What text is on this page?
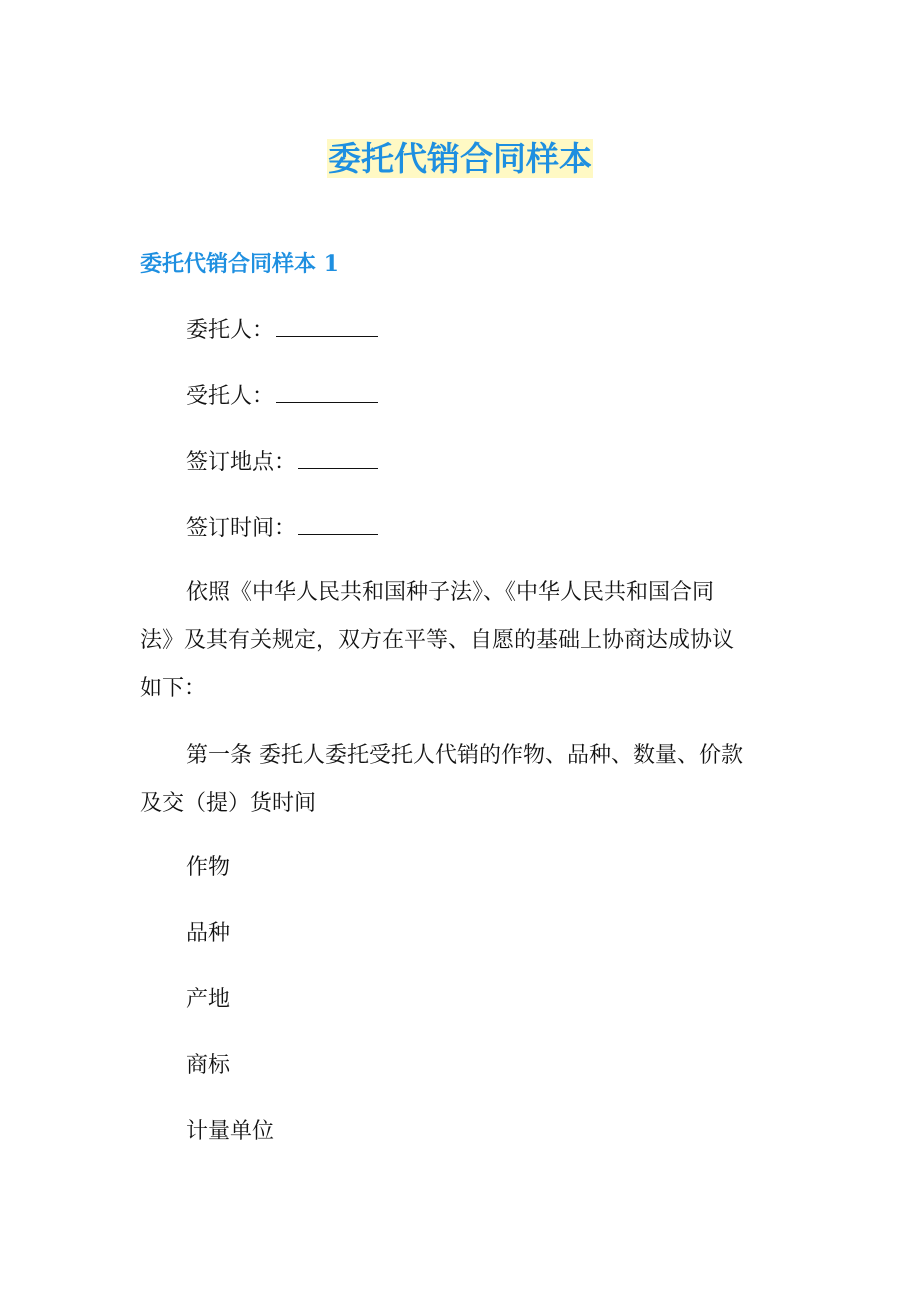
委托代销合同样本
委托代销合同样本 1

委托人：

受托人：

签订地点：

签订时间：

依照《中华人民共和国种子法》、《中华人民共和国合同

法》及其有关规定，双方在平等、自愿的基础上协商达成协议

如下：

第一条 委托人委托受托人代销的作物、品种、数量、价款

及交（提）货时间

作物

品种

产地

商标

计量单位
